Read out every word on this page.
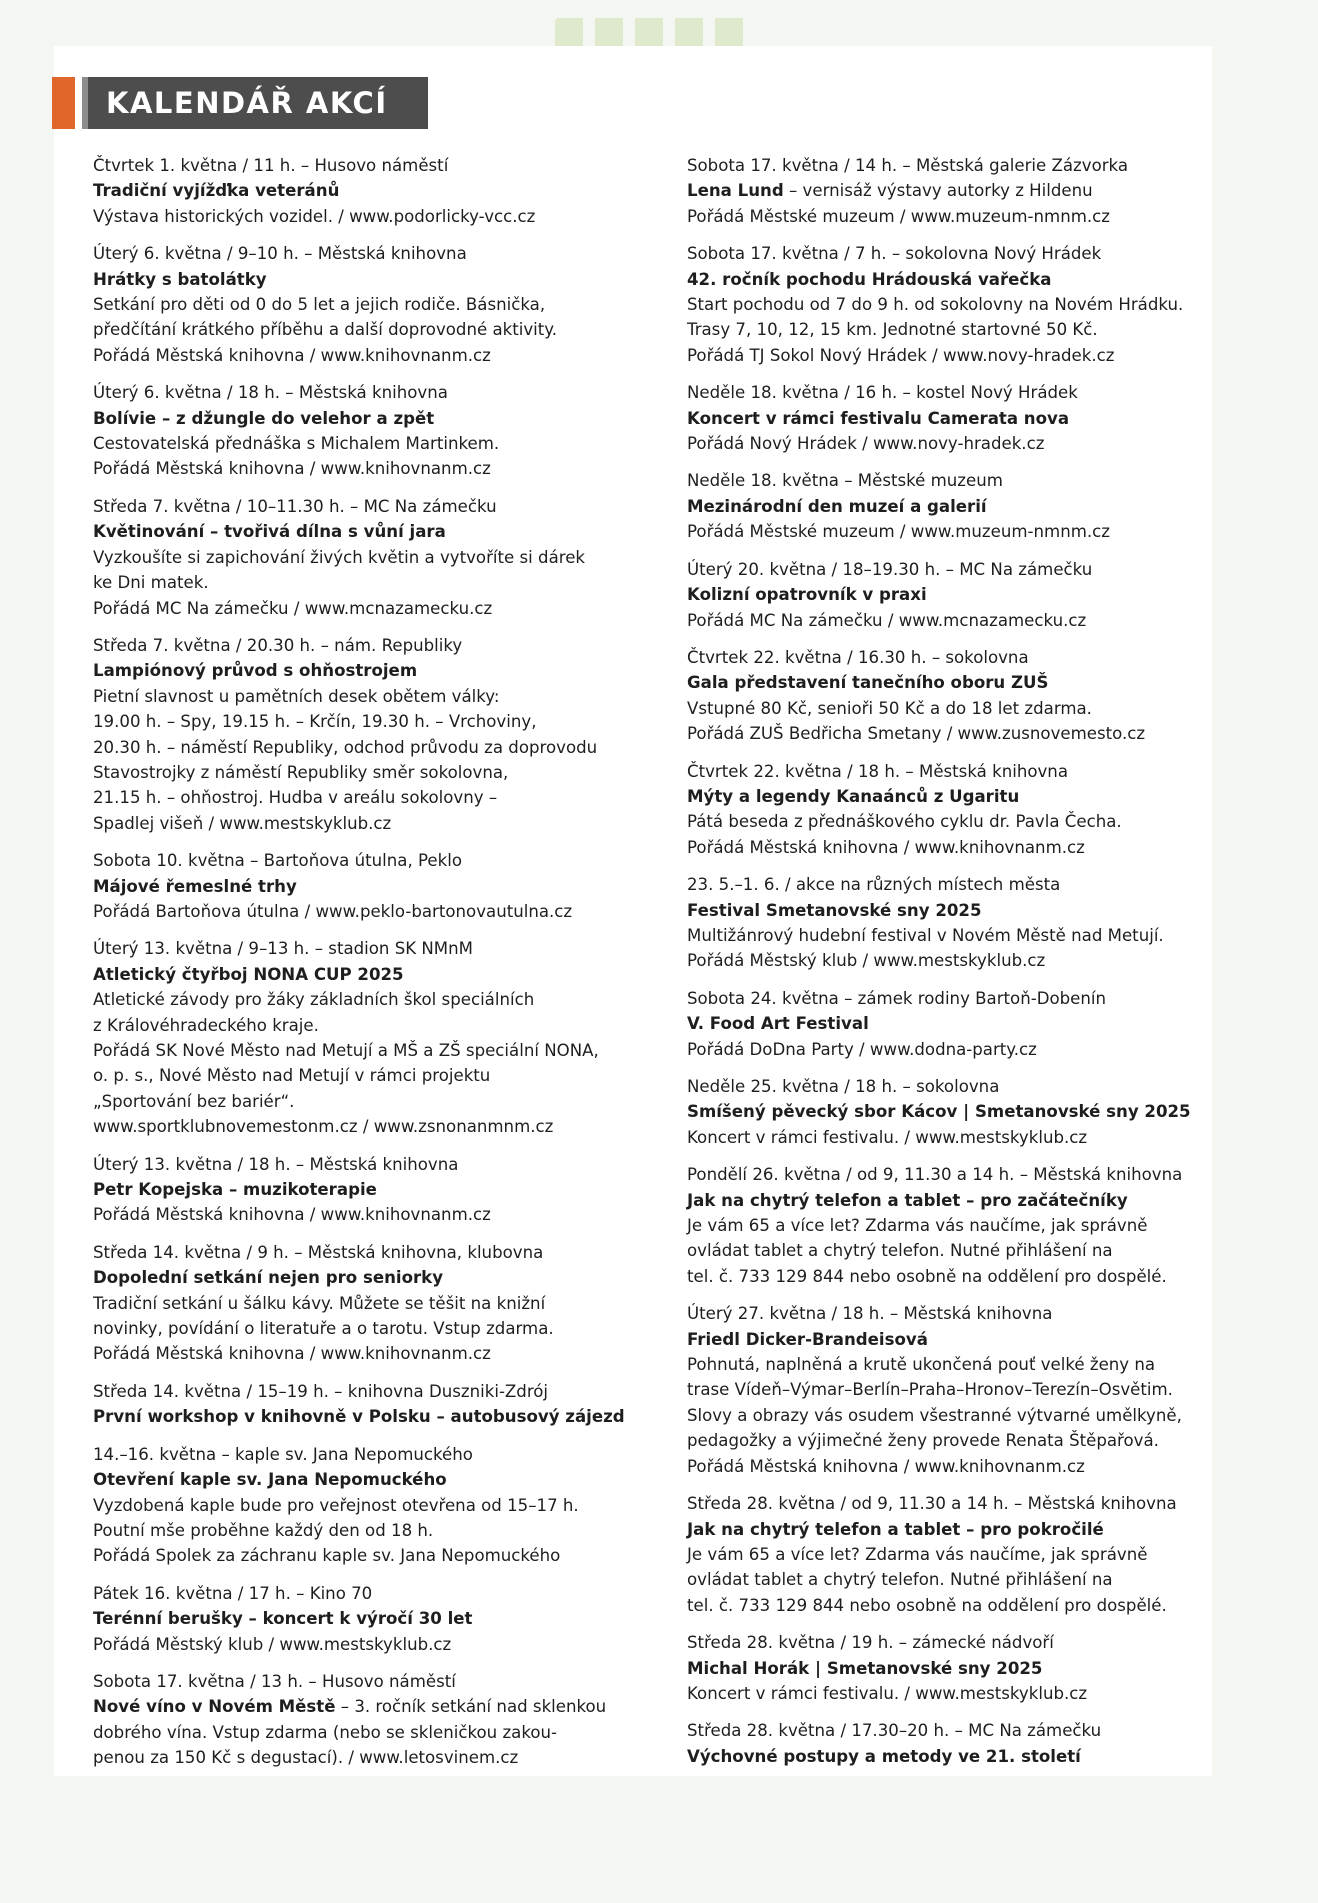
KALENDÁŘ AKCÍ
Čtvrtek 1. května / 11 h. – Husovo náměstí
Tradiční vyjížďka veteránů
Výstava historických vozidel. / www.podorlicky-vcc.cz
Úterý 6. května / 9–10 h. – Městská knihovna
Hrátky s batolátky
Setkání pro děti od 0 do 5 let a jejich rodiče. Básnička,
předčítání krátkého příběhu a další doprovodné aktivity.
Pořádá Městská knihovna / www.knihovnanm.cz
Úterý 6. května / 18 h. – Městská knihovna
Bolívie – z džungle do velehor a zpět
Cestovatelská přednáška s Michalem Martinkem.
Pořádá Městská knihovna / www.knihovnanm.cz
Středa 7. května / 10–11.30 h. – MC Na zámečku
Květinování – tvořivá dílna s vůní jara
Vyzkoušíte si zapichování živých květin a vytvoříte si dárek
ke Dni matek.
Pořádá MC Na zámečku / www.mcnazamecku.cz
Středa 7. května / 20.30 h. – nám. Republiky
Lampiónový průvod s ohňostrojem
Pietní slavnost u pamětních desek obětem války:
19.00 h. – Spy, 19.15 h. – Krčín, 19.30 h. – Vrchoviny,
20.30 h. – náměstí Republiky, odchod průvodu za doprovodu
Stavostrojky z náměstí Republiky směr sokolovna,
21.15 h. – ohňostroj. Hudba v areálu sokolovny –
Spadlej višeň / www.mestskyklub.cz
Sobota 10. května – Bartoňova útulna, Peklo
Májové řemeslné trhy
Pořádá Bartoňova útulna / www.peklo-bartonovautulna.cz
Úterý 13. května / 9–13 h. – stadion SK NMnM
Atletický čtyřboj NONA CUP 2025
Atletické závody pro žáky základních škol speciálních
z Královéhradeckého kraje.
Pořádá SK Nové Město nad Metují a MŠ a ZŠ speciální NONA,
o. p. s., Nové Město nad Metují v rámci projektu
„Sportování bez bariér“.
www.sportklubnovemestonm.cz / www.zsnonanmnm.cz
Úterý 13. května / 18 h. – Městská knihovna
Petr Kopejska – muzikoterapie
Pořádá Městská knihovna / www.knihovnanm.cz
Středa 14. května / 9 h. – Městská knihovna, klubovna
Dopolední setkání nejen pro seniorky
Tradiční setkání u šálku kávy. Můžete se těšit na knižní
novinky, povídání o literatuře a o tarotu. Vstup zdarma.
Pořádá Městská knihovna / www.knihovnanm.cz
Středa 14. května / 15–19 h. – knihovna Duszniki-Zdrój
První workshop v knihovně v Polsku – autobusový zájezd
14.–16. května – kaple sv. Jana Nepomuckého
Otevření kaple sv. Jana Nepomuckého
Vyzdobená kaple bude pro veřejnost otevřena od 15–17 h.
Poutní mše proběhne každý den od 18 h.
Pořádá Spolek za záchranu kaple sv. Jana Nepomuckého
Pátek 16. května / 17 h. – Kino 70
Terénní berušky – koncert k výročí 30 let
Pořádá Městský klub / www.mestskyklub.cz
Sobota 17. května / 13 h. – Husovo náměstí
Nové víno v Novém Městě – 3. ročník setkání nad sklenkou
dobrého vína. Vstup zdarma (nebo se skleničkou zakou-
penou za 150 Kč s degustací). / www.letosvinem.cz
Sobota 17. května / 14 h. – Městská galerie Zázvorka
Lena Lund – vernisáž výstavy autorky z Hildenu
Pořádá Městské muzeum / www.muzeum-nmnm.cz
Sobota 17. května / 7 h. – sokolovna Nový Hrádek
42. ročník pochodu Hrádouská vařečka
Start pochodu od 7 do 9 h. od sokolovny na Novém Hrádku.
Trasy 7, 10, 12, 15 km. Jednotné startovné 50 Kč.
Pořádá TJ Sokol Nový Hrádek / www.novy-hradek.cz
Neděle 18. května / 16 h. – kostel Nový Hrádek
Koncert v rámci festivalu Camerata nova
Pořádá Nový Hrádek / www.novy-hradek.cz
Neděle 18. května – Městské muzeum
Mezinárodní den muzeí a galerií
Pořádá Městské muzeum / www.muzeum-nmnm.cz
Úterý 20. května / 18–19.30 h. – MC Na zámečku
Kolizní opatrovník v praxi
Pořádá MC Na zámečku / www.mcnazamecku.cz
Čtvrtek 22. května / 16.30 h. – sokolovna
Gala představení tanečního oboru ZUŠ
Vstupné 80 Kč, senioři 50 Kč a do 18 let zdarma.
Pořádá ZUŠ Bedřicha Smetany / www.zusnovemesto.cz
Čtvrtek 22. května / 18 h. – Městská knihovna
Mýty a legendy Kanaánců z Ugaritu
Pátá beseda z přednáškového cyklu dr. Pavla Čecha.
Pořádá Městská knihovna / www.knihovnanm.cz
23. 5.–1. 6. / akce na různých místech města
Festival Smetanovské sny 2025
Multižánrový hudební festival v Novém Městě nad Metují.
Pořádá Městský klub / www.mestskyklub.cz
Sobota 24. května – zámek rodiny Bartoň-Dobenín
V. Food Art Festival
Pořádá DoDna Party / www.dodna-party.cz
Neděle 25. května / 18 h. – sokolovna
Smíšený pěvecký sbor Kácov | Smetanovské sny 2025
Koncert v rámci festivalu. / www.mestskyklub.cz
Pondělí 26. května / od 9, 11.30 a 14 h. – Městská knihovna
Jak na chytrý telefon a tablet – pro začátečníky
Je vám 65 a více let? Zdarma vás naučíme, jak správně
ovládat tablet a chytrý telefon. Nutné přihlášení na
tel. č. 733 129 844 nebo osobně na oddělení pro dospělé.
Úterý 27. května / 18 h. – Městská knihovna
Friedl Dicker-Brandeisová
Pohnutá, naplněná a krutě ukončená pouť velké ženy na
trase Vídeň–Výmar–Berlín–Praha–Hronov–Terezín–Osvětim.
Slovy a obrazy vás osudem všestranné výtvarné umělkyně,
pedagožky a výjimečné ženy provede Renata Štěpařová.
Pořádá Městská knihovna / www.knihovnanm.cz
Středa 28. května / od 9, 11.30 a 14 h. – Městská knihovna
Jak na chytrý telefon a tablet – pro pokročilé
Je vám 65 a více let? Zdarma vás naučíme, jak správně
ovládat tablet a chytrý telefon. Nutné přihlášení na
tel. č. 733 129 844 nebo osobně na oddělení pro dospělé.
Středa 28. května / 19 h. – zámecké nádvoří
Michal Horák | Smetanovské sny 2025
Koncert v rámci festivalu. / www.mestskyklub.cz
Středa 28. května / 17.30–20 h. – MC Na zámečku
Výchovné postupy a metody ve 21. století
